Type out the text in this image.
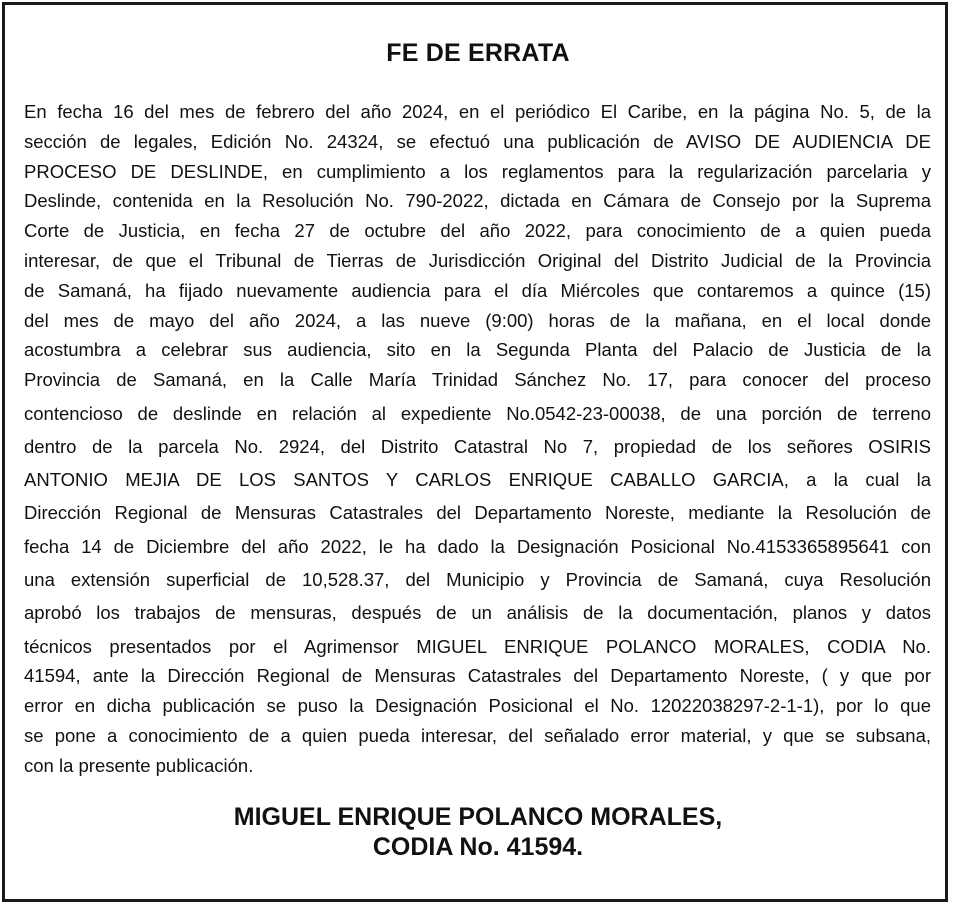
FE DE ERRATA
En fecha 16 del mes de febrero del año 2024, en el periódico El Caribe, en la página No. 5, de la
sección de legales, Edición No. 24324, se efectuó una publicación de AVISO DE AUDIENCIA DE
PROCESO DE DESLINDE, en cumplimiento a los reglamentos para la regularización parcelaria y
Deslinde, contenida en la Resolución No. 790-2022, dictada en Cámara de Consejo por la Suprema
Corte de Justicia, en fecha 27 de octubre del año 2022, para conocimiento de a quien pueda
interesar, de que el Tribunal de Tierras de Jurisdicción Original del Distrito Judicial de la Provincia
de Samaná, ha fijado nuevamente audiencia para el día Miércoles que contaremos a quince (15)
del mes de mayo del año 2024, a las nueve (9:00) horas de la mañana, en el local donde
acostumbra a celebrar sus audiencia, sito en la Segunda Planta del Palacio de Justicia de la
Provincia de Samaná, en la Calle María Trinidad Sánchez No. 17, para conocer del proceso
contencioso de deslinde en relación al expediente No.0542-23-00038, de una porción de terreno
dentro de la parcela No. 2924, del Distrito Catastral No 7, propiedad de los señores OSIRIS
ANTONIO MEJIA DE LOS SANTOS Y CARLOS ENRIQUE CABALLO GARCIA, a la cual la
Dirección Regional de Mensuras Catastrales del Departamento Noreste, mediante la Resolución de
fecha 14 de Diciembre del año 2022, le ha dado la Designación Posicional No.4153365895641 con
una extensión superficial de 10,528.37, del Municipio y Provincia de Samaná, cuya Resolución
aprobó los trabajos de mensuras, después de un análisis de la documentación, planos y datos
técnicos presentados por el Agrimensor MIGUEL ENRIQUE POLANCO MORALES, CODIA No.
41594, ante la Dirección Regional de Mensuras Catastrales del Departamento Noreste, ( y que por
error en dicha publicación se puso la Designación Posicional el No. 12022038297-2-1-1), por lo que
se pone a conocimiento de a quien pueda interesar, del señalado error material, y que se subsana,
con la presente publicación.
MIGUEL ENRIQUE POLANCO MORALES,
CODIA No. 41594.
